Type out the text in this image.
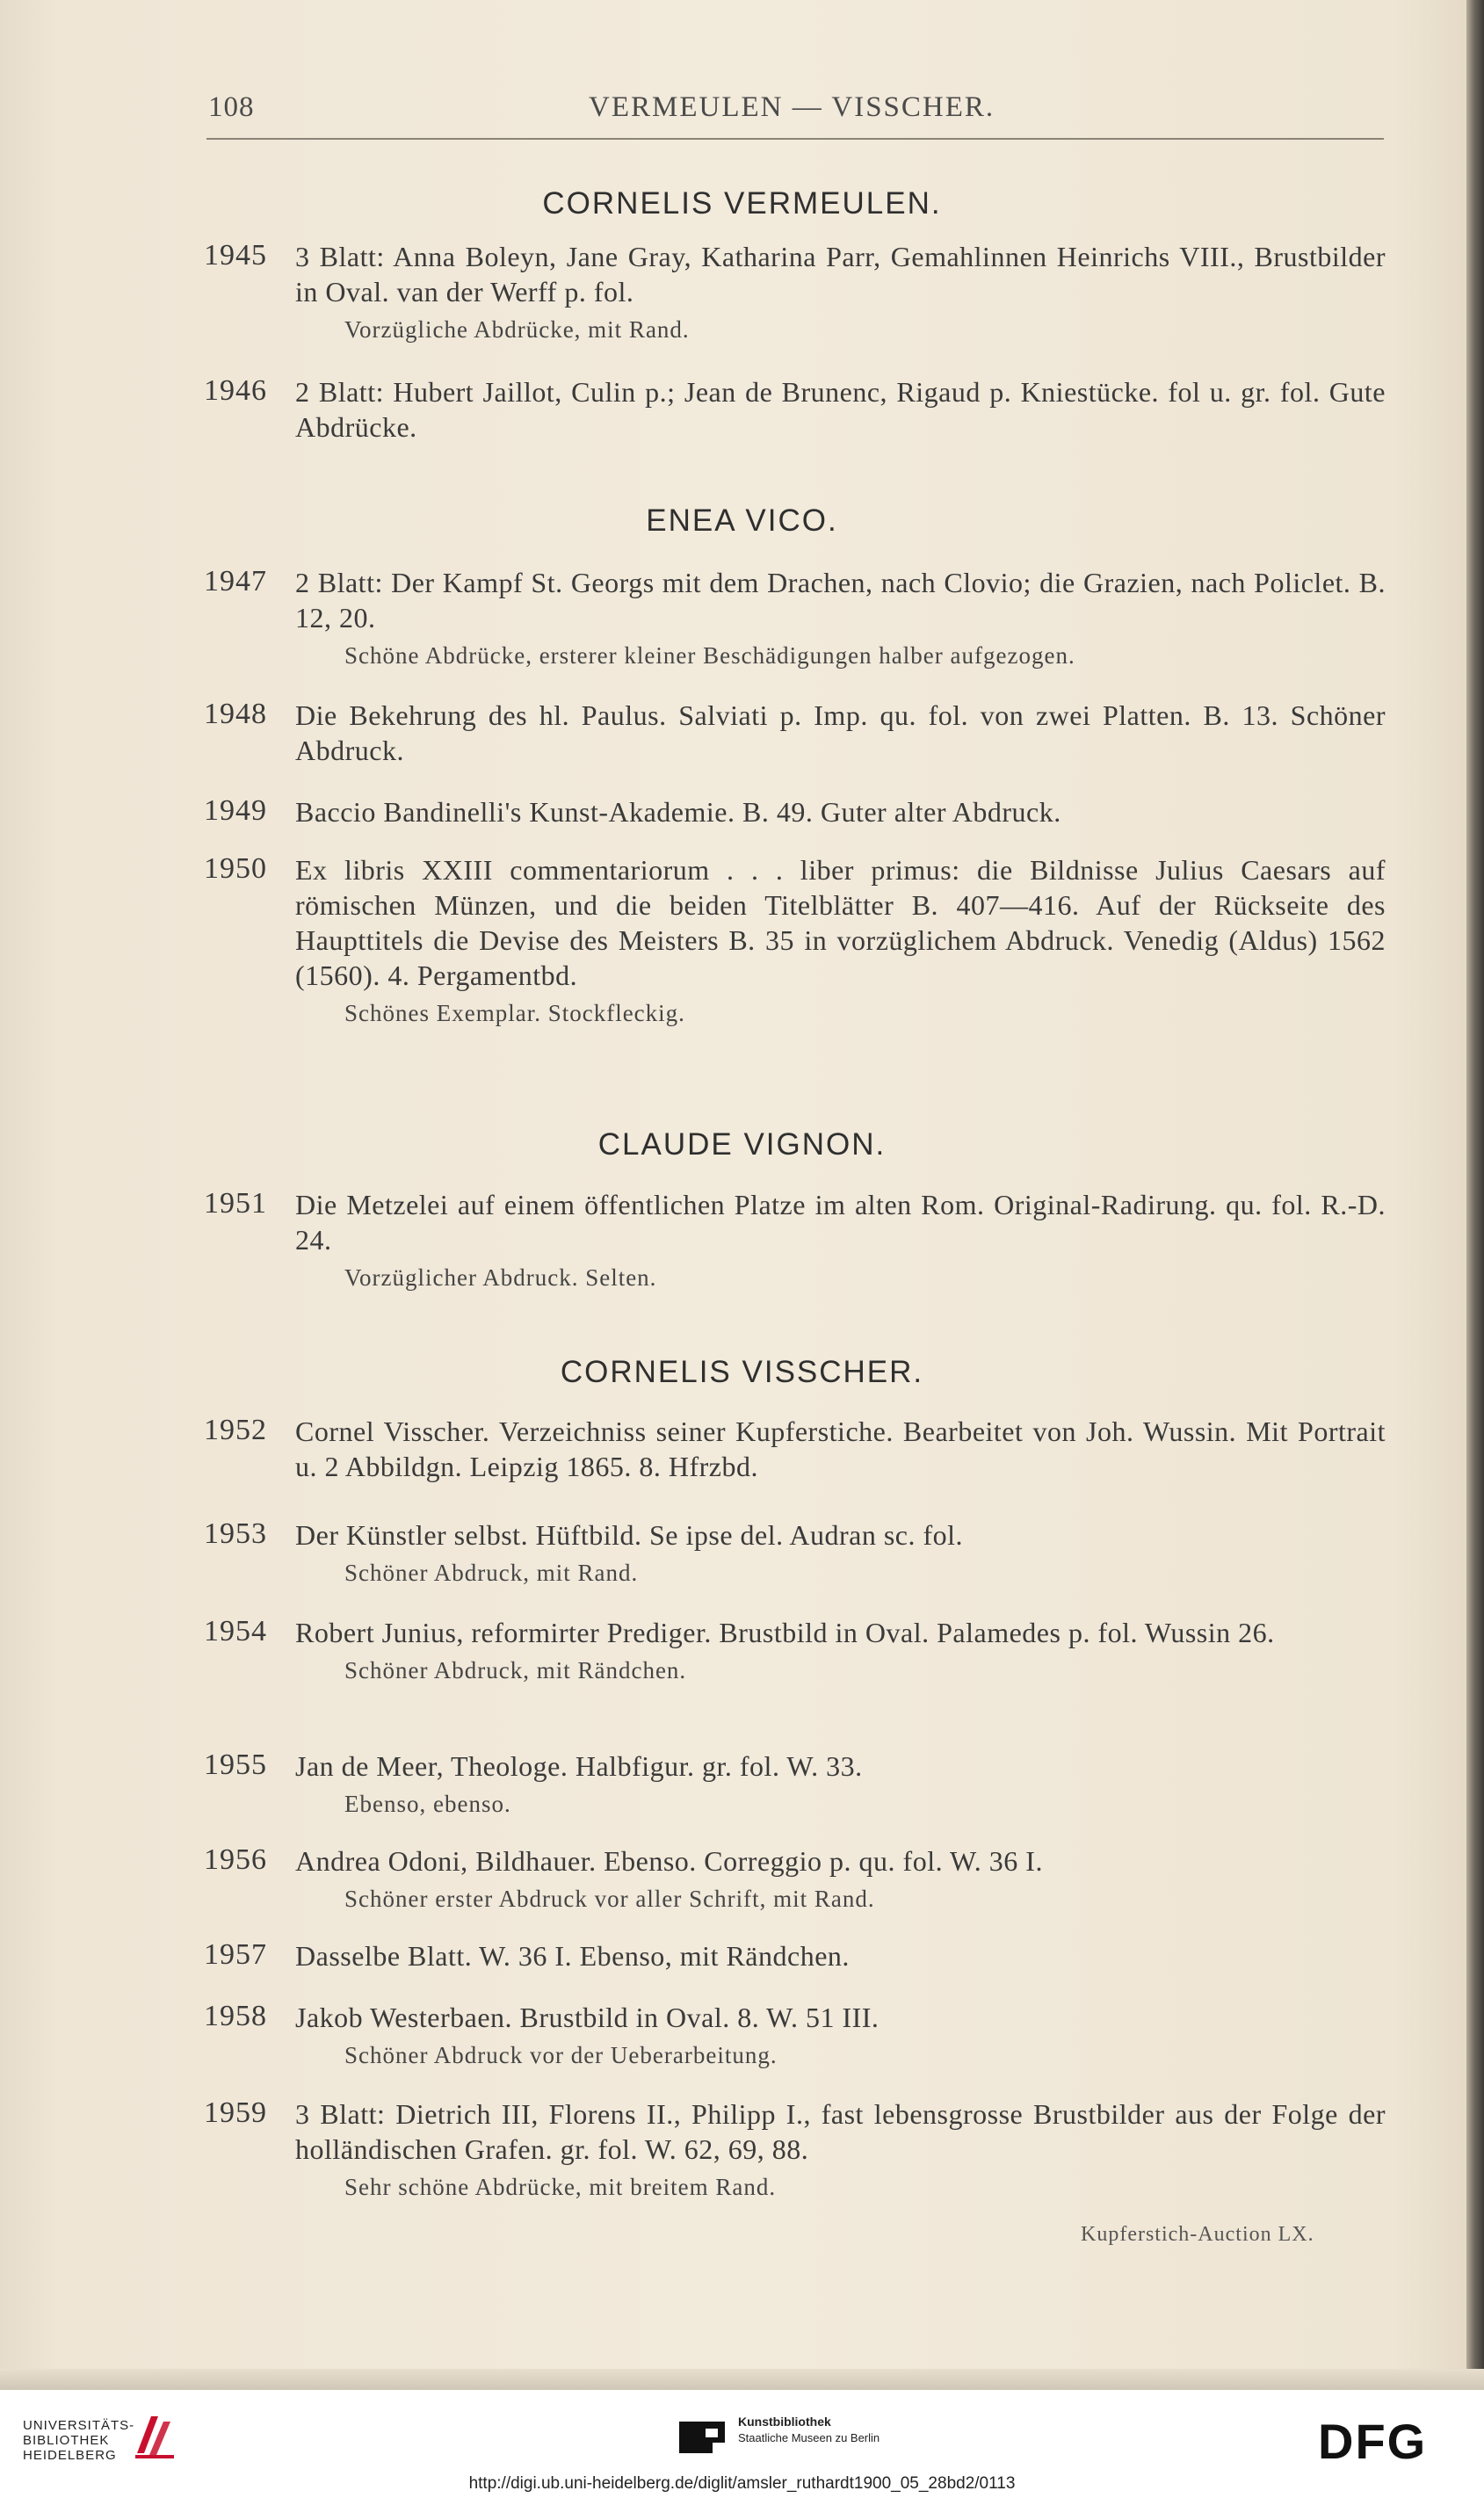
108	VERMEULEN — VISSCHER.
CORNELIS VERMEULEN.
1945 3 Blatt: Anna Boleyn, Jane Gray, Katharina Parr, Gemahlinnen Heinrichs VIII., Brustbilder in Oval. van der Werff p. fol.
Vorzügliche Abdrücke, mit Rand.
1946 2 Blatt: Hubert Jaillot, Culin p.; Jean de Brunenc, Rigaud p. Kniestücke. fol u. gr. fol. Gute Abdrücke.
ENEA VICO.
1947 2 Blatt: Der Kampf St. Georgs mit dem Drachen, nach Clovio; die Grazien, nach Policlet. B. 12, 20.
Schöne Abdrücke, ersterer kleiner Beschädigungen halber aufgezogen.
1948 Die Bekehrung des hl. Paulus. Salviati p. Imp. qu. fol. von zwei Platten. B. 13. Schöner Abdruck.
1949 Baccio Bandinelli's Kunst-Akademie. B. 49. Guter alter Abdruck.
1950 Ex libris XXIII commentariorum . . . liber primus: die Bildnisse Julius Caesars auf römischen Münzen, und die beiden Titelblätter B. 407—416. Auf der Rückseite des Haupttitels die Devise des Meisters B. 35 in vorzüglichem Abdruck. Venedig (Aldus) 1562 (1560). 4. Pergamentbd.
Schönes Exemplar. Stockfleckig.
CLAUDE VIGNON.
1951 Die Metzelei auf einem öffentlichen Platze im alten Rom. Original-Radirung. qu. fol. R.-D. 24.
Vorzüglicher Abdruck. Selten.
CORNELIS VISSCHER.
1952 Cornel Visscher. Verzeichniss seiner Kupferstiche. Bearbeitet von Joh. Wussin. Mit Portrait u. 2 Abbildgn. Leipzig 1865. 8. Hfrzbd.
1953 Der Künstler selbst. Hüftbild. Se ipse del. Audran sc. fol.
Schöner Abdruck, mit Rand.
1954 Robert Junius, reformirter Prediger. Brustbild in Oval. Palamedes p. fol. Wussin 26.
Schöner Abdruck, mit Rändchen.
1955 Jan de Meer, Theologe. Halbfigur. gr. fol. W. 33.
Ebenso, ebenso.
1956 Andrea Odoni, Bildhauer. Ebenso. Correggio p. qu. fol. W. 36 I.
Schöner erster Abdruck vor aller Schrift, mit Rand.
1957 Dasselbe Blatt. W. 36 I. Ebenso, mit Rändchen.
1958 Jakob Westerbaen. Brustbild in Oval. 8. W. 51 III.
Schöner Abdruck vor der Ueberarbeitung.
1959 3 Blatt: Dietrich III, Florens II., Philipp I., fast lebensgrosse Brustbilder aus der Folge der holländischen Grafen. gr. fol. W. 62, 69, 88.
Sehr schöne Abdrücke, mit breitem Rand.
Kupferstich-Auction LX.
UNIVERSITÄTS-
BIBLIOTHEK
HEIDELBERG
Kunstbibliothek
Staatliche Museen zu Berlin	DFG
http://digi.ub.uni-heidelberg.de/diglit/amsler_ruthardt1900_05_28bd2/0113
